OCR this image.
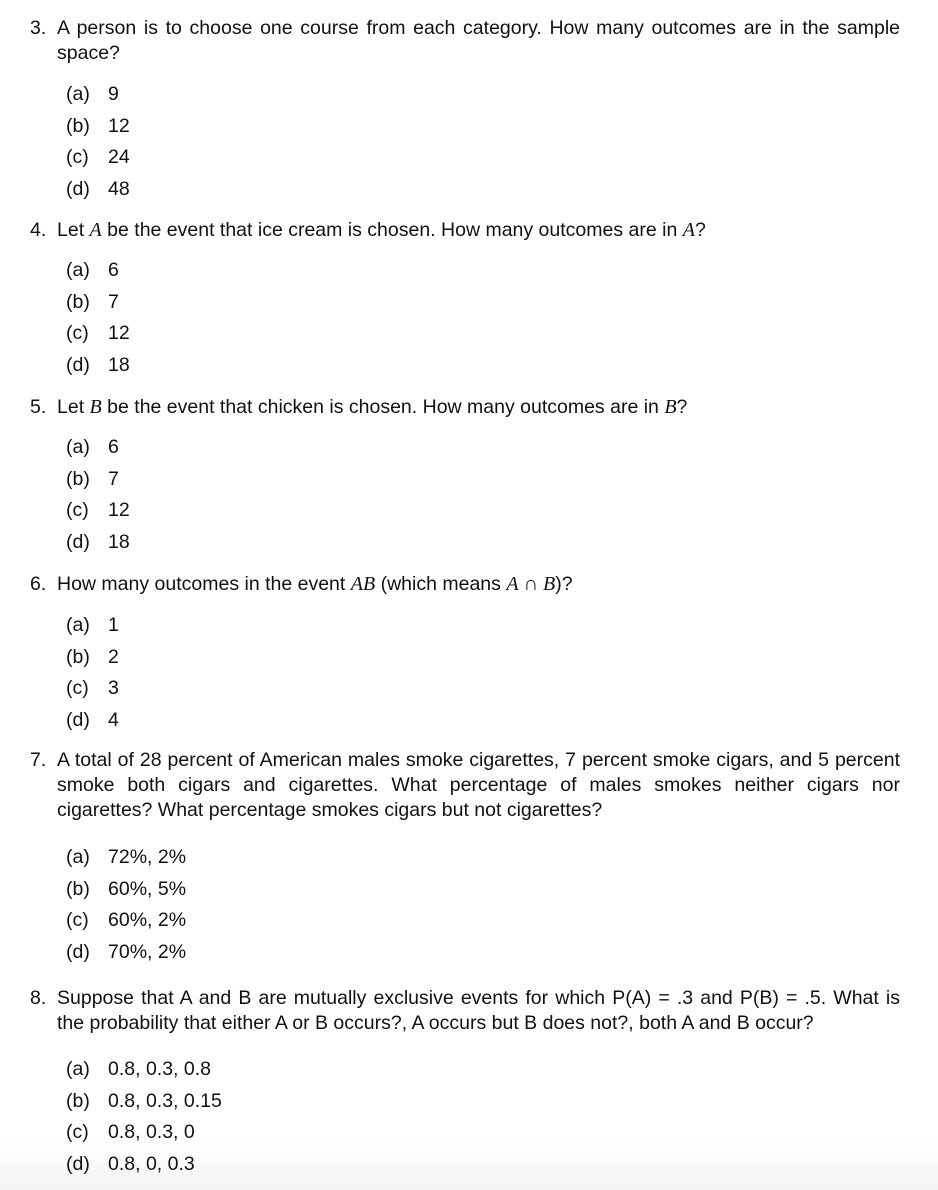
3. A person is to choose one course from each category. How many outcomes are in the sample space?
(a) 9
(b) 12
(c) 24
(d) 48
4. Let A be the event that ice cream is chosen. How many outcomes are in A?
(a) 6
(b) 7
(c) 12
(d) 18
5. Let B be the event that chicken is chosen. How many outcomes are in B?
(a) 6
(b) 7
(c) 12
(d) 18
6. How many outcomes in the event AB (which means A ∩ B)?
(a) 1
(b) 2
(c) 3
(d) 4
7. A total of 28 percent of American males smoke cigarettes, 7 percent smoke cigars, and 5 percent smoke both cigars and cigarettes. What percentage of males smokes neither cigars nor cigarettes? What percentage smokes cigars but not cigarettes?
(a) 72%, 2%
(b) 60%, 5%
(c) 60%, 2%
(d) 70%, 2%
8. Suppose that A and B are mutually exclusive events for which P(A) = .3 and P(B) = .5. What is the probability that either A or B occurs?, A occurs but B does not?, both A and B occur?
(a) 0.8, 0.3, 0.8
(b) 0.8, 0.3, 0.15
(c) 0.8, 0.3, 0
(d) 0.8, 0, 0.3
